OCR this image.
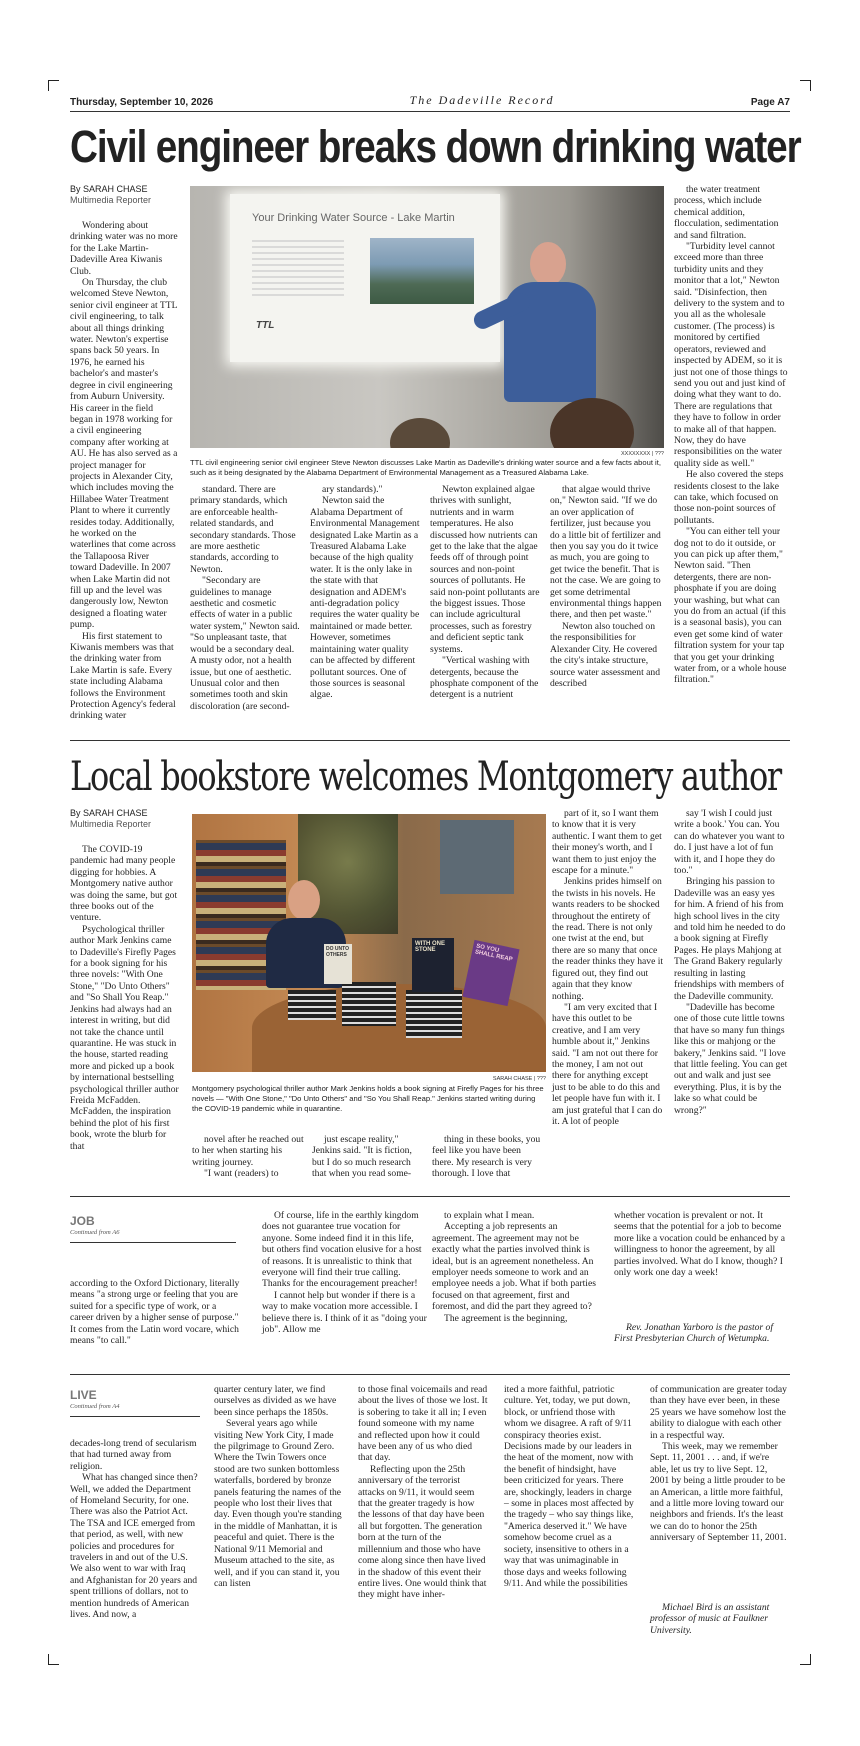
Thursday, September 10, 2026	The Dadeville Record	Page A7
Civil engineer breaks down drinking water
By SARAH CHASE
Multimedia Reporter

Wondering about drinking water was no more for the Lake Martin-Dadeville Area Kiwanis Club.

On Thursday, the club welcomed Steve Newton, senior civil engineer at TTL civil engineering, to talk about all things drinking water. Newton's expertise spans back 50 years. In 1976, he earned his bachelor's and master's degree in civil engineering from Auburn University. His career in the field began in 1978 working for a civil engineering company after working at AU. He has also served as a project manager for projects in Alexander City, which includes moving the Hillabee Water Treatment Plant to where it currently resides today. Additionally, he worked on the waterlines that come across the Tallapoosa River toward Dadeville. In 2007 when Lake Martin did not fill up and the level was dangerously low, Newton designed a floating water pump.

His first statement to Kiwanis members was that the drinking water from Lake Martin is safe. Every state including Alabama follows the Environment Protection Agency's federal drinking water

Your Drinking Water Source - Lake Martin
TTL
XXXXXXXX | ???
TTL civil engineering senior civil engineer Steve Newton discusses Lake Martin as Dadeville's drinking water source and a few facts about it, such as it being designated by the Alabama Department of Environmental Management as a Treasured Alabama Lake.

standard. There are primary standards, which are enforceable health-related standards, and secondary standards. Those are more aesthetic standards, according to Newton.

"Secondary are guidelines to manage aesthetic and cosmetic effects of water in a public water system," Newton said. "So unpleasant taste, that would be a secondary deal. A musty odor, not a health issue, but one of aesthetic. Unusual color and then sometimes tooth and skin discoloration (are second-

ary standards)."

Newton said the Alabama Department of Environmental Management designated Lake Martin as a Treasured Alabama Lake because of the high quality water. It is the only lake in the state with that designation and ADEM's anti-degradation policy requires the water quality be maintained or made better. However, sometimes maintaining water quality can be affected by different pollutant sources. One of those sources is seasonal algae.

Newton explained algae thrives with sunlight, nutrients and in warm temperatures. He also discussed how nutrients can get to the lake that the algae feeds off of through point sources and non-point sources of pollutants. He said non-point pollutants are the biggest issues. Those can include agricultural processes, such as forestry and deficient septic tank systems.

"Vertical washing with detergents, because the phosphate component of the detergent is a nutrient

that algae would thrive on," Newton said. "If we do an over application of fertilizer, just because you do a little bit of fertilizer and then you say you do it twice as much, you are going to get twice the benefit. That is not the case. We are going to get some detrimental environmental things happen there, and then pet waste."

Newton also touched on the responsibilities for Alexander City. He covered the city's intake structure, source water assessment and described

the water treatment process, which include chemical addition, flocculation, sedimentation and sand filtration.

"Turbidity level cannot exceed more than three turbidity units and they monitor that a lot," Newton said. "Disinfection, then delivery to the system and to you all as the wholesale customer. (The process) is monitored by certified operators, reviewed and inspected by ADEM, so it is just not one of those things to send you out and just kind of doing what they want to do. There are regulations that they have to follow in order to make all of that happen. Now, they do have responsibilities on the water quality side as well."

He also covered the steps residents closest to the lake can take, which focused on those non-point sources of pollutants.

"You can either tell your dog not to do it outside, or you can pick up after them," Newton said. "Then detergents, there are non-phosphate if you are doing your washing, but what can you do from an actual (if this is a seasonal basis), you can even get some kind of water filtration system for your tap that you get your drinking water from, or a whole house filtration."

Local bookstore welcomes Montgomery author
By SARAH CHASE
Multimedia Reporter

The COVID-19 pandemic had many people digging for hobbies. A Montgomery native author was doing the same, but got three books out of the venture.

Psychological thriller author Mark Jenkins came to Dadeville's Firefly Pages for a book signing for his three novels: "With One Stone," "Do Unto Others" and "So Shall You Reap." Jenkins had always had an interest in writing, but did not take the chance until quarantine. He was stuck in the house, started reading more and picked up a book by international bestselling psychological thriller author Freida McFadden. McFadden, the inspiration behind the plot of his first book, wrote the blurb for that

WITH ONE STONE	SO YOU SHALL REAP
DO UNTO OTHERS
SARAH CHASE | ???
Montgomery psychological thriller author Mark Jenkins holds a book signing at Firefly Pages for his three novels — "With One Stone," "Do Unto Others" and "So You Shall Reap." Jenkins started writing during the COVID-19 pandemic while in quarantine.

novel after he reached out to her when starting his writing journey.

"I want (readers) to

just escape reality," Jenkins said. "It is fiction, but I do so much research that when you read some-

thing in these books, you feel like you have been there. My research is very thorough. I love that

part of it, so I want them to know that it is very authentic. I want them to get their money's worth, and I want them to just enjoy the escape for a minute."

Jenkins prides himself on the twists in his novels. He wants readers to be shocked throughout the entirety of the read. There is not only one twist at the end, but there are so many that once the reader thinks they have it figured out, they find out again that they know nothing.

"I am very excited that I have this outlet to be creative, and I am very humble about it," Jenkins said. "I am not out there for the money, I am not out there for anything except just to be able to do this and let people have fun with it. I am just grateful that I can do it. A lot of people

say 'I wish I could just write a book.' You can. You can do whatever you want to do. I just have a lot of fun with it, and I hope they do too."

Bringing his passion to Dadeville was an easy yes for him. A friend of his from high school lives in the city and told him he needed to do a book signing at Firefly Pages. He plays Mahjong at The Grand Bakery regularly resulting in lasting friendships with members of the Dadeville community.

"Dadeville has become one of those cute little towns that have so many fun things like this or mahjong or the bakery," Jenkins said. "I love that little feeling. You can get out and walk and just see everything. Plus, it is by the lake so what could be wrong?"

JOB
Continued from A6

according to the Oxford Dictionary, literally means "a strong urge or feeling that you are suited for a specific type of work, or a career driven by a higher sense of purpose." It comes from the Latin word vocare, which means "to call."

Of course, life in the earthly kingdom does not guarantee true vocation for anyone. Some indeed find it in this life, but others find vocation elusive for a host of reasons. It is unrealistic to think that everyone will find their true calling. Thanks for the encouragement preacher!

I cannot help but wonder if there is a way to make vocation more accessible. I believe there is. I think of it as "doing your job". Allow me

to explain what I mean.

Accepting a job represents an agreement. The agreement may not be exactly what the parties involved think is ideal, but is an agreement nonetheless. An employer needs someone to work and an employee needs a job. What if both parties focused on that agreement, first and foremost, and did the part they agreed to?

The agreement is the beginning,

whether vocation is prevalent or not. It seems that the potential for a job to become more like a vocation could be enhanced by a willingness to honor the agreement, by all parties involved. What do I know, though? I only work one day a week!

Rev. Jonathan Yarboro is the pastor of First Presbyterian Church of Wetumpka.
LIVE
Continued from A4

decades-long trend of secularism that had turned away from religion.

What has changed since then? Well, we added the Department of Homeland Security, for one. There was also the Patriot Act. The TSA and ICE emerged from that period, as well, with new policies and procedures for travelers in and out of the U.S. We also went to war with Iraq and Afghanistan for 20 years and spent trillions of dollars, not to mention hundreds of American lives. And now, a

quarter century later, we find ourselves as divided as we have been since perhaps the 1850s.

Several years ago while visiting New York City, I made the pilgrimage to Ground Zero. Where the Twin Towers once stood are two sunken bottomless waterfalls, bordered by bronze panels featuring the names of the people who lost their lives that day. Even though you're standing in the middle of Manhattan, it is peaceful and quiet. There is the National 9/11 Memorial and Museum attached to the site, as well, and if you can stand it, you can listen

to those final voicemails and read about the lives of those we lost. It is sobering to take it all in; I even found someone with my name and reflected upon how it could have been any of us who died that day.

Reflecting upon the 25th anniversary of the terrorist attacks on 9/11, it would seem that the greater tragedy is how the lessons of that day have been all but forgotten. The generation born at the turn of the millennium and those who have come along since then have lived in the shadow of this event their entire lives. One would think that they might have inher-

ited a more faithful, patriotic culture. Yet, today, we put down, block, or unfriend those with whom we disagree. A raft of 9/11 conspiracy theories exist. Decisions made by our leaders in the heat of the moment, now with the benefit of hindsight, have been criticized for years. There are, shockingly, leaders in charge – some in places most affected by the tragedy – who say things like, "America deserved it." We have somehow become cruel as a society, insensitive to others in a way that was unimaginable in those days and weeks following 9/11. And while the possibilities

of communication are greater today than they have ever been, in these 25 years we have somehow lost the ability to dialogue with each other in a respectful way.

This week, may we remember Sept. 11, 2001 . . . and, if we're able, let us try to live Sept. 12, 2001 by being a little prouder to be an American, a little more faithful, and a little more loving toward our neighbors and friends. It's the least we can do to honor the 25th anniversary of September 11, 2001.

Michael Bird is an assistant professor of music at Faulkner University.
